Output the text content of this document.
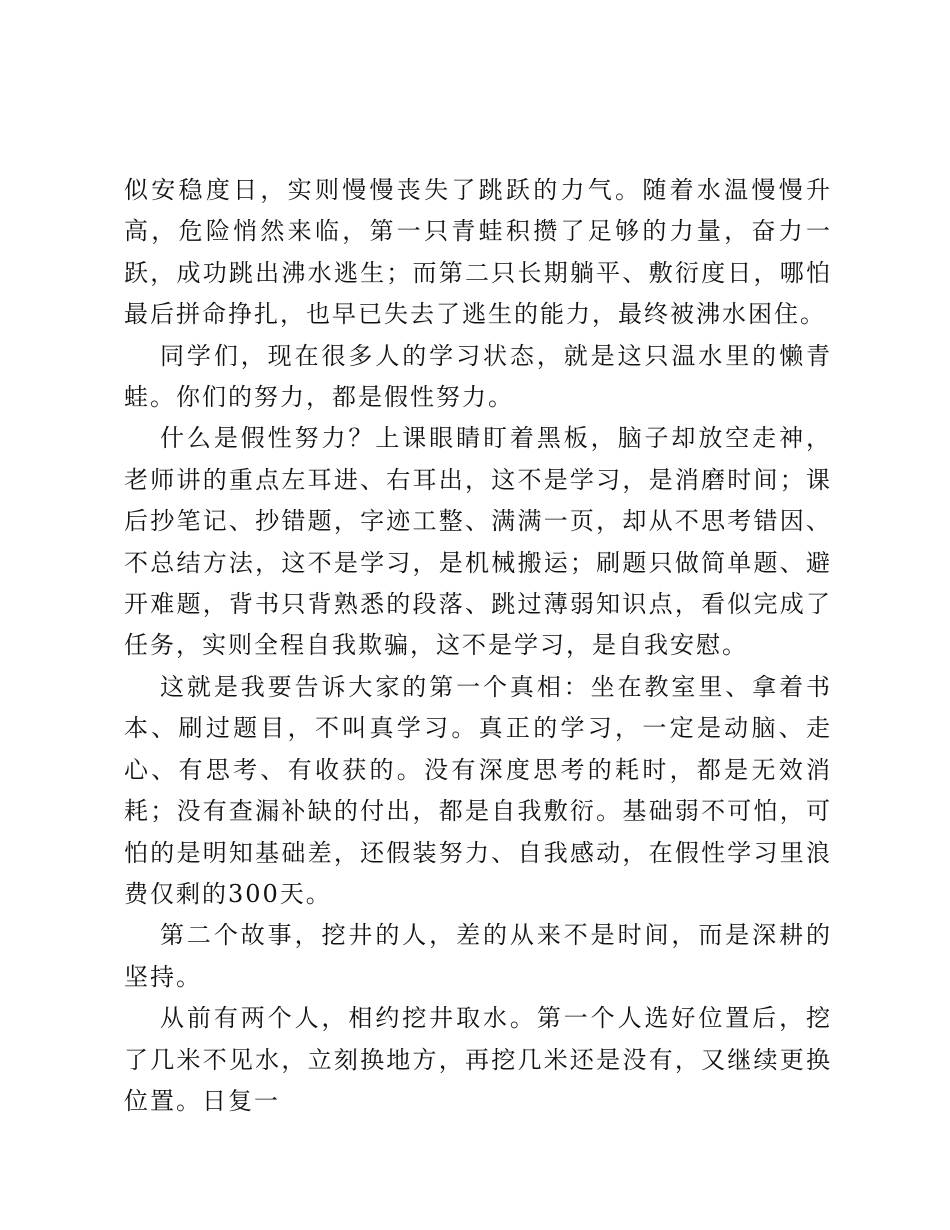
似安稳度日，实则慢慢丧失了跳跃的力气。随着水温慢慢升高，危险悄然来临，第一只青蛙积攒了足够的力量，奋力一跃，成功跳出沸水逃生；而第二只长期躺平、敷衍度日，哪怕最后拼命挣扎，也早已失去了逃生的能力，最终被沸水困住。

同学们，现在很多人的学习状态，就是这只温水里的懒青蛙。你们的努力，都是假性努力。

什么是假性努力？上课眼睛盯着黑板，脑子却放空走神，老师讲的重点左耳进、右耳出，这不是学习，是消磨时间；课后抄笔记、抄错题，字迹工整、满满一页，却从不思考错因、不总结方法，这不是学习，是机械搬运；刷题只做简单题、避开难题，背书只背熟悉的段落、跳过薄弱知识点，看似完成了任务，实则全程自我欺骗，这不是学习，是自我安慰。

这就是我要告诉大家的第一个真相：坐在教室里、拿着书本、刷过题目，不叫真学习。真正的学习，一定是动脑、走心、有思考、有收获的。没有深度思考的耗时，都是无效消耗；没有查漏补缺的付出，都是自我敷衍。基础弱不可怕，可怕的是明知基础差，还假装努力、自我感动，在假性学习里浪费仅剩的300天。

第二个故事，挖井的人，差的从来不是时间，而是深耕的坚持。

从前有两个人，相约挖井取水。第一个人选好位置后，挖了几米不见水，立刻换地方，再挖几米还是没有，又继续更换位置。日复一
